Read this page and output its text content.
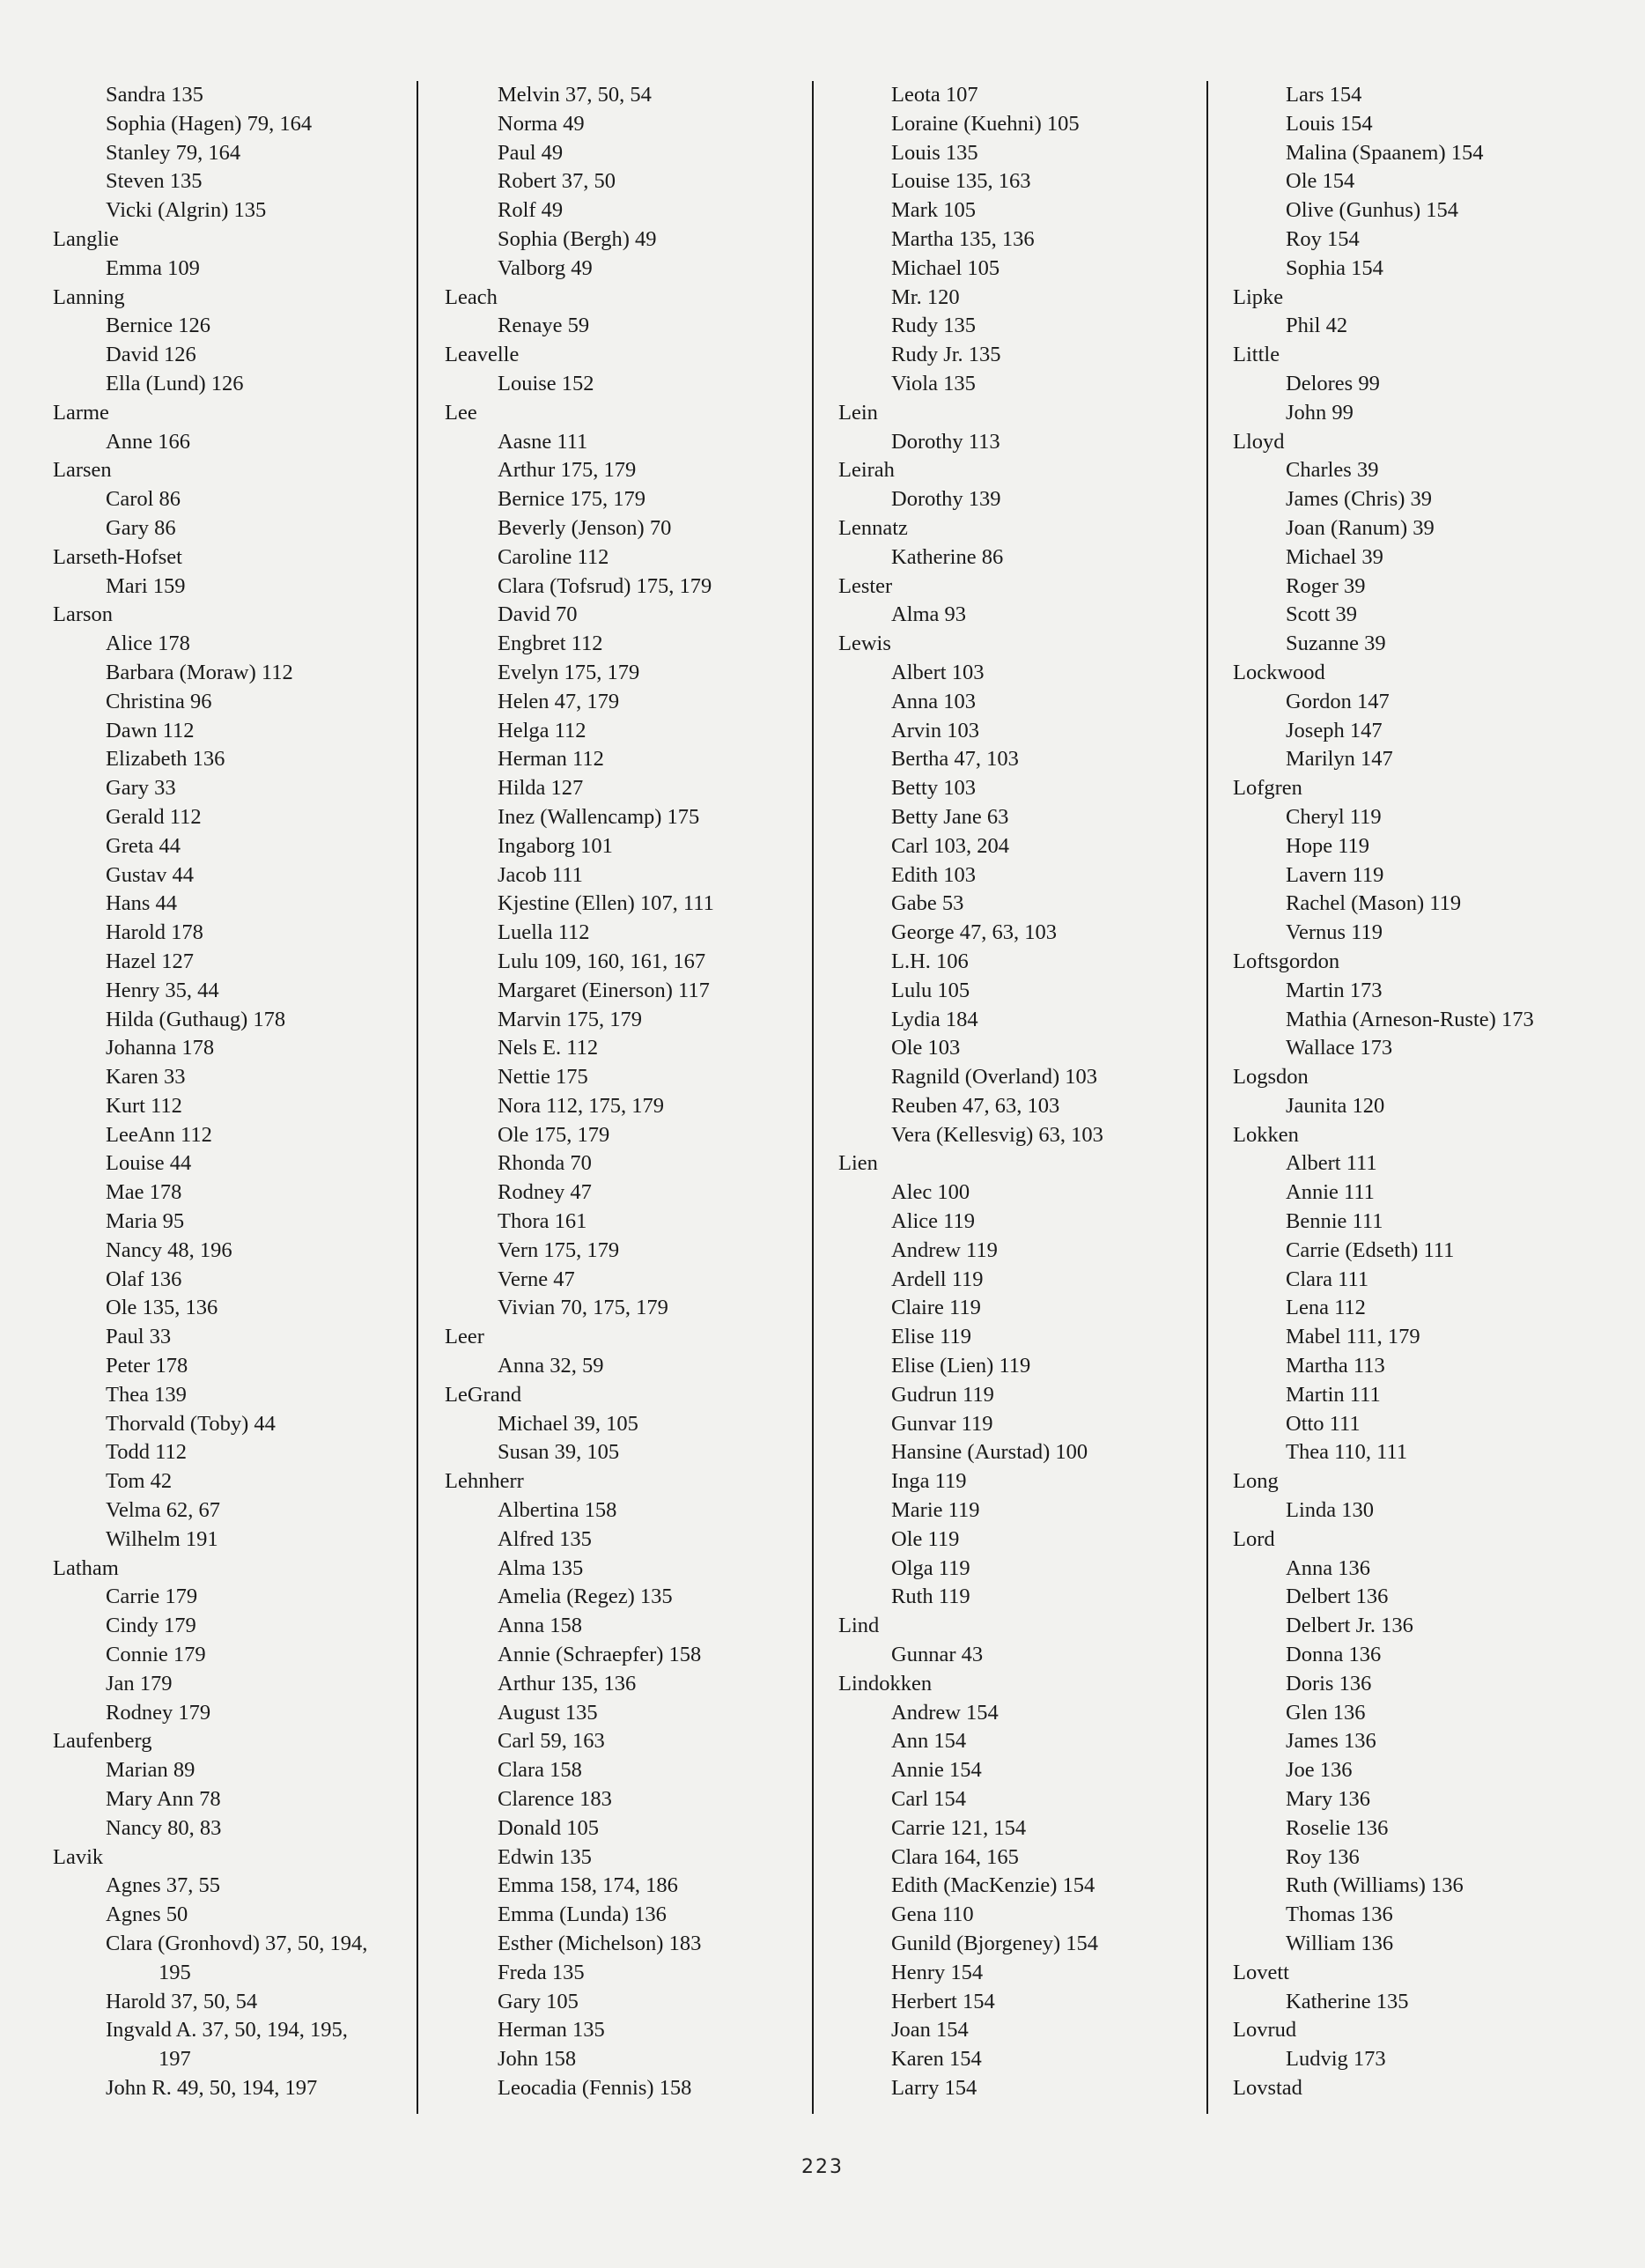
Sandra 135
Sophia (Hagen) 79, 164
Stanley 79, 164
Steven 135
Vicki (Algrin) 135
Langlie
Emma 109
Lanning
Bernice 126
David 126
Ella (Lund) 126
Larme
Anne 166
Larsen
Carol 86
Gary 86
Larseth-Hofset
Mari 159
Larson
Alice 178
Barbara (Moraw) 112
Christina 96
Dawn 112
Elizabeth 136
Gary 33
Gerald 112
Greta 44
Gustav 44
Hans 44
Harold 178
Hazel 127
Henry 35, 44
Hilda (Guthaug) 178
Johanna 178
Karen 33
Kurt 112
LeeAnn 112
Louise 44
Mae 178
Maria 95
Nancy 48, 196
Olaf 136
Ole 135, 136
Paul 33
Peter 178
Thea 139
Thorvald (Toby) 44
Todd 112
Tom 42
Velma 62, 67
Wilhelm 191
Latham
Carrie 179
Cindy 179
Connie 179
Jan 179
Rodney 179
Laufenberg
Marian 89
Mary Ann 78
Nancy 80, 83
Lavik
Agnes 37, 55
Agnes 50
Clara (Gronhovd) 37, 50, 194,
195
Harold 37, 50, 54
Ingvald A. 37, 50, 194, 195,
197
John R. 49, 50, 194, 197
Melvin 37, 50, 54
Norma 49
Paul 49
Robert 37, 50
Rolf 49
Sophia (Bergh) 49
Valborg 49
Leach
Renaye 59
Leavelle
Louise 152
Lee
Aasne 111
Arthur 175, 179
Bernice 175, 179
Beverly (Jenson) 70
Caroline 112
Clara (Tofsrud) 175, 179
David 70
Engbret 112
Evelyn 175, 179
Helen 47, 179
Helga 112
Herman 112
Hilda 127
Inez (Wallencamp) 175
Ingaborg 101
Jacob 111
Kjestine (Ellen) 107, 111
Luella 112
Lulu 109, 160, 161, 167
Margaret (Einerson) 117
Marvin 175, 179
Nels E. 112
Nettie 175
Nora 112, 175, 179
Ole 175, 179
Rhonda 70
Rodney 47
Thora 161
Vern 175, 179
Verne 47
Vivian 70, 175, 179
Leer
Anna 32, 59
LeGrand
Michael 39, 105
Susan 39, 105
Lehnherr
Albertina 158
Alfred 135
Alma 135
Amelia (Regez) 135
Anna 158
Annie (Schraepfer) 158
Arthur 135, 136
August 135
Carl 59, 163
Clara 158
Clarence 183
Donald 105
Edwin 135
Emma 158, 174, 186
Emma (Lunda) 136
Esther (Michelson) 183
Freda 135
Gary 105
Herman 135
John 158
Leocadia (Fennis) 158
Leota 107
Loraine (Kuehni) 105
Louis 135
Louise 135, 163
Mark 105
Martha 135, 136
Michael 105
Mr. 120
Rudy 135
Rudy Jr. 135
Viola 135
Lein
Dorothy 113
Leirah
Dorothy 139
Lennatz
Katherine 86
Lester
Alma 93
Lewis
Albert 103
Anna 103
Arvin 103
Bertha 47, 103
Betty 103
Betty Jane 63
Carl 103, 204
Edith 103
Gabe 53
George 47, 63, 103
L.H. 106
Lulu 105
Lydia 184
Ole 103
Ragnild (Overland) 103
Reuben 47, 63, 103
Vera (Kellesvig) 63, 103
Lien
Alec 100
Alice 119
Andrew 119
Ardell 119
Claire 119
Elise 119
Elise (Lien) 119
Gudrun 119
Gunvar 119
Hansine (Aurstad) 100
Inga 119
Marie 119
Ole 119
Olga 119
Ruth 119
Lind
Gunnar 43
Lindokken
Andrew 154
Ann 154
Annie 154
Carl 154
Carrie 121, 154
Clara 164, 165
Edith (MacKenzie) 154
Gena 110
Gunild (Bjorgeney) 154
Henry 154
Herbert 154
Joan 154
Karen 154
Larry 154
Lars 154
Louis 154
Malina (Spaanem) 154
Ole 154
Olive (Gunhus) 154
Roy 154
Sophia 154
Lipke
Phil 42
Little
Delores 99
John 99
Lloyd
Charles 39
James (Chris) 39
Joan (Ranum) 39
Michael 39
Roger 39
Scott 39
Suzanne 39
Lockwood
Gordon 147
Joseph 147
Marilyn 147
Lofgren
Cheryl 119
Hope 119
Lavern 119
Rachel (Mason) 119
Vernus 119
Loftsgordon
Martin 173
Mathia (Arneson-Ruste) 173
Wallace 173
Logsdon
Jaunita 120
Lokken
Albert 111
Annie 111
Bennie 111
Carrie (Edseth) 111
Clara 111
Lena 112
Mabel 111, 179
Martha 113
Martin 111
Otto 111
Thea 110, 111
Long
Linda 130
Lord
Anna 136
Delbert 136
Delbert Jr. 136
Donna 136
Doris 136
Glen 136
James 136
Joe 136
Mary 136
Roselie 136
Roy 136
Ruth (Williams) 136
Thomas 136
William 136
Lovett
Katherine 135
Lovrud
Ludvig 173
Lovstad
223
